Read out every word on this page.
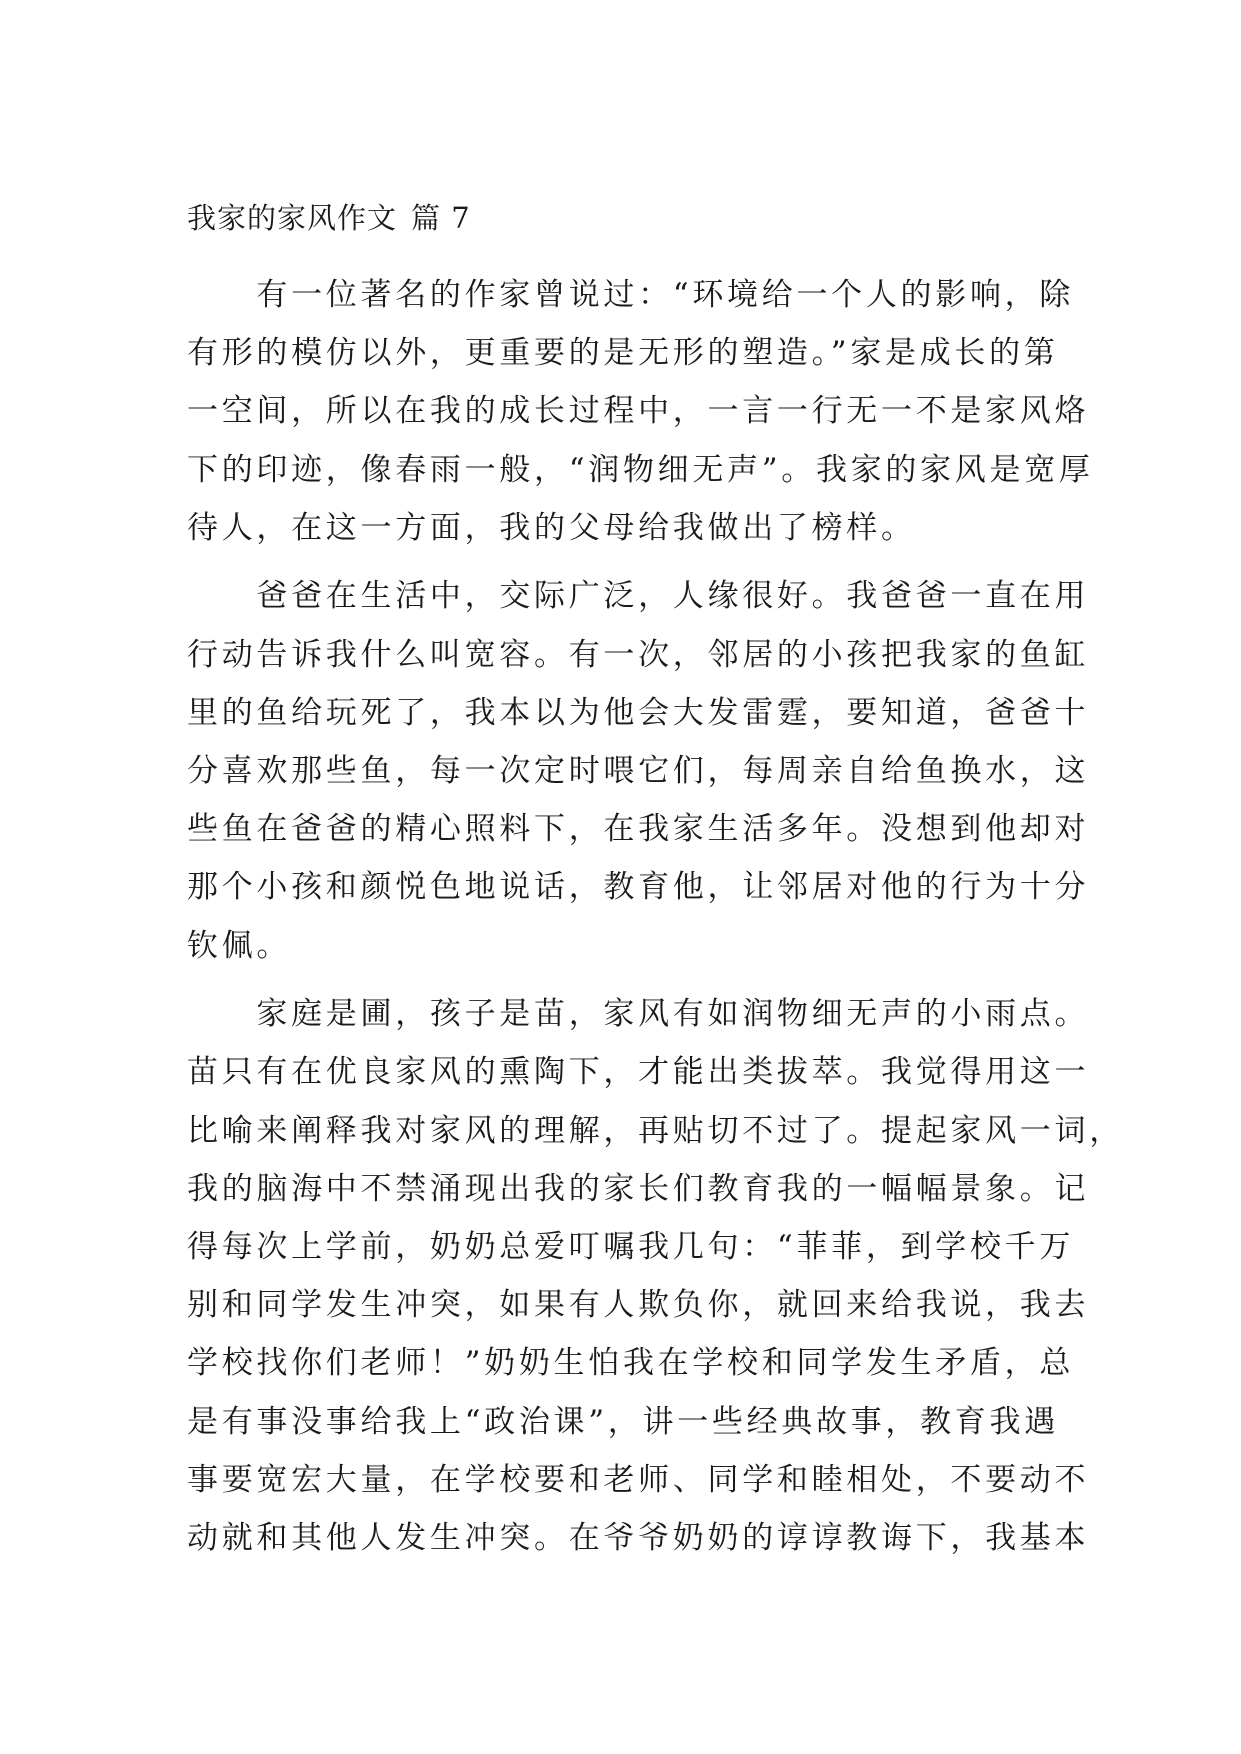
我家的家风作文 篇 7
　　有一位著名的作家曾说过：“环境给一个人的影响，除
有形的模仿以外，更重要的是无形的塑造。”家是成长的第
一空间，所以在我的成长过程中，一言一行无一不是家风烙
下的印迹，像春雨一般，“润物细无声”。我家的家风是宽厚
待人，在这一方面，我的父母给我做出了榜样。
　　爸爸在生活中，交际广泛，人缘很好。我爸爸一直在用
行动告诉我什么叫宽容。有一次，邻居的小孩把我家的鱼缸
里的鱼给玩死了，我本以为他会大发雷霆，要知道，爸爸十
分喜欢那些鱼，每一次定时喂它们，每周亲自给鱼换水，这
些鱼在爸爸的精心照料下，在我家生活多年。没想到他却对
那个小孩和颜悦色地说话，教育他，让邻居对他的行为十分
钦佩。
　　家庭是圃，孩子是苗，家风有如润物细无声的小雨点。
苗只有在优良家风的熏陶下，才能出类拔萃。我觉得用这一
比喻来阐释我对家风的理解，再贴切不过了。提起家风一词，
我的脑海中不禁涌现出我的家长们教育我的一幅幅景象。记
得每次上学前，奶奶总爱叮嘱我几句：“菲菲，到学校千万
别和同学发生冲突，如果有人欺负你，就回来给我说，我去
学校找你们老师！”奶奶生怕我在学校和同学发生矛盾，总
是有事没事给我上“政治课”，讲一些经典故事，教育我遇
事要宽宏大量，在学校要和老师、同学和睦相处，不要动不
动就和其他人发生冲突。在爷爷奶奶的谆谆教诲下，我基本
